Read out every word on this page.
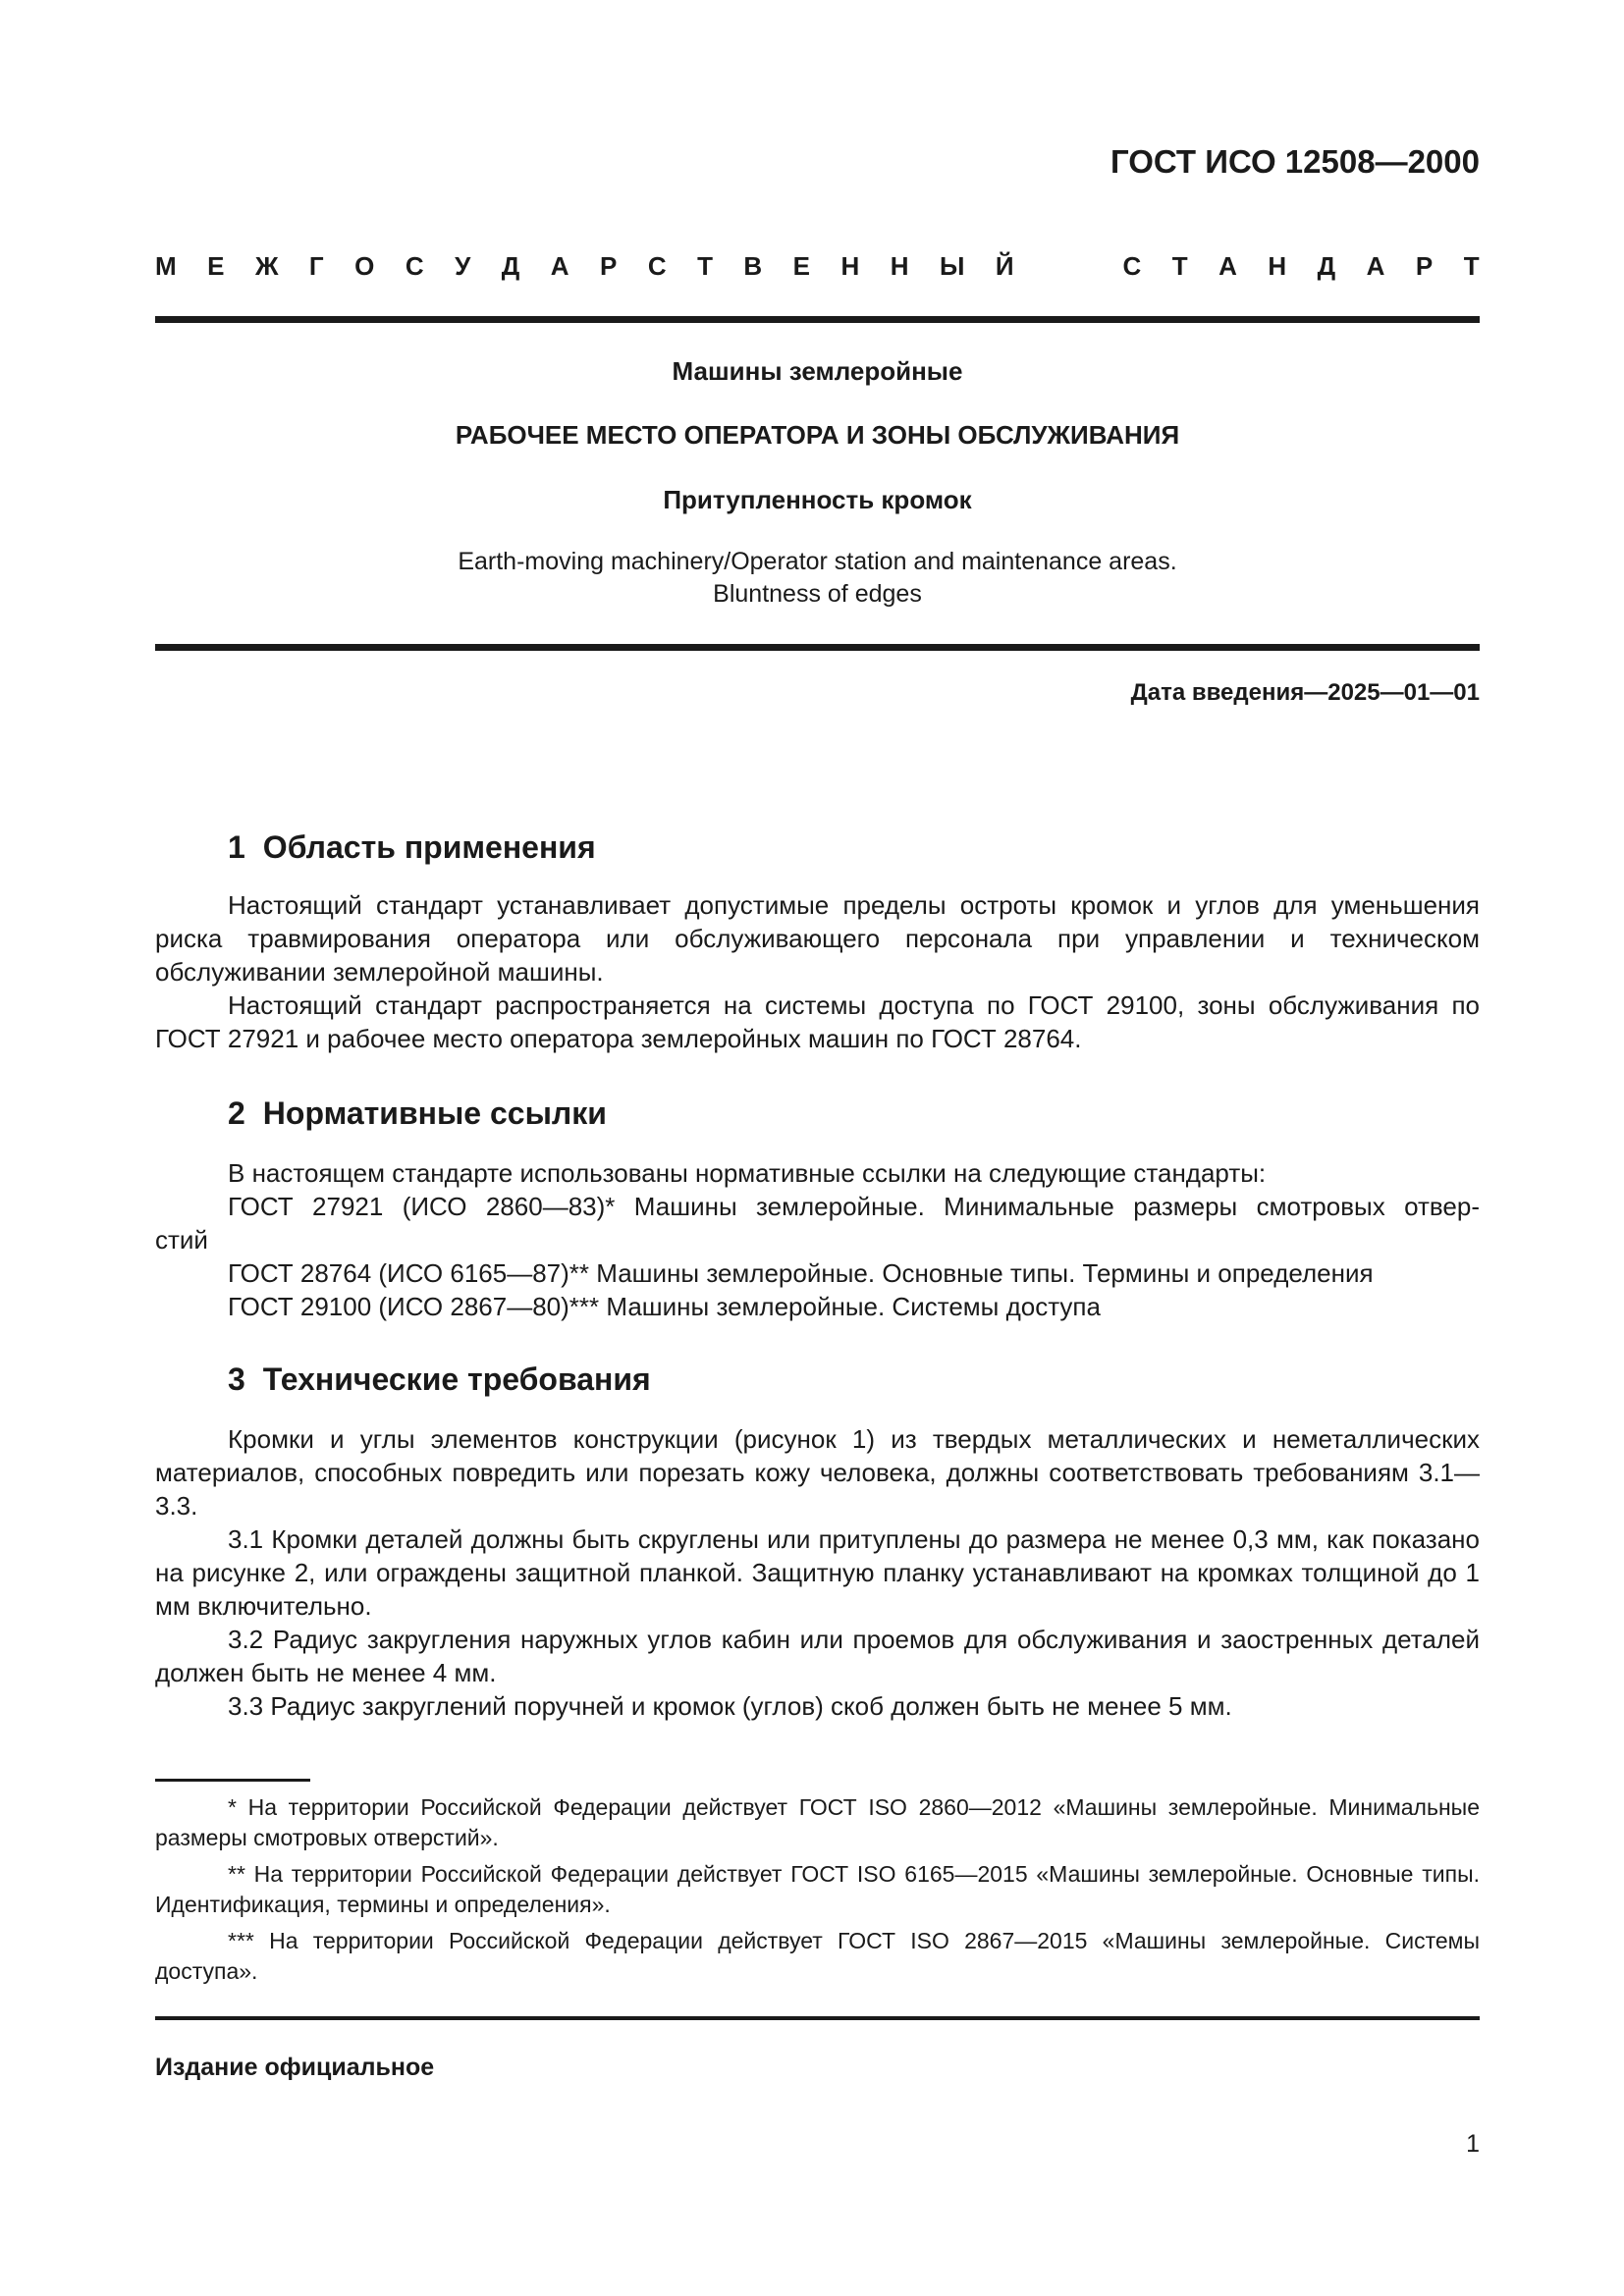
ГОСТ ИСО 12508—2000
М Е Ж Г О С У Д А Р С Т В Е Н Н Ы Й	С Т А Н Д А Р Т
Машины землеройные
РАБОЧЕЕ МЕСТО ОПЕРАТОРА И ЗОНЫ ОБСЛУЖИВАНИЯ
Притупленность кромок
Earth-moving machinery/Operator station and maintenance areas.
Bluntness of edges
Дата введения—2025—01—01
1 Область применения

Настоящий стандарт устанавливает допустимые пределы остроты кромок и углов для уменьшения риска травмирования оператора или обслуживающего персонала при управлении и техническом обслуживании землеройной машины.

Настоящий стандарт распространяется на системы доступа по ГОСТ 29100, зоны обслуживания по ГОСТ 27921 и рабочее место оператора землеройных машин по ГОСТ 28764.

2 Нормативные ссылки

В настоящем стандарте использованы нормативные ссылки на следующие стандарты:

ГОСТ 27921 (ИСО 2860—83)* Машины землеройные. Минимальные размеры смотровых отвер-

стий

ГОСТ 28764 (ИСО 6165—87)** Машины землеройные. Основные типы. Термины и определения

ГОСТ 29100 (ИСО 2867—80)*** Машины землеройные. Системы доступа

3 Технические требования

Кромки и углы элементов конструкции (рисунок 1) из твердых металлических и неметаллических материалов, способных повредить или порезать кожу человека, должны соответствовать требованиям 3.1—3.3.

3.1 Кромки деталей должны быть скруглены или притуплены до размера не менее 0,3 мм, как показано на рисунке 2, или ограждены защитной планкой. Защитную планку устанавливают на кромках толщиной до 1 мм включительно.

3.2 Радиус закругления наружных углов кабин или проемов для обслуживания и заостренных деталей должен быть не менее 4 мм.

3.3 Радиус закруглений поручней и кромок (углов) скоб должен быть не менее 5 мм.

* На территории Российской Федерации действует ГОСТ ISO 2860—2012 «Машины землеройные. Минимальные размеры смотровых отверстий».

** На территории Российской Федерации действует ГОСТ ISO 6165—2015 «Машины землеройные. Основные типы. Идентификация, термины и определения».

*** На территории Российской Федерации действует ГОСТ ISO 2867—2015 «Машины землеройные. Системы доступа».

Издание официальное
1
